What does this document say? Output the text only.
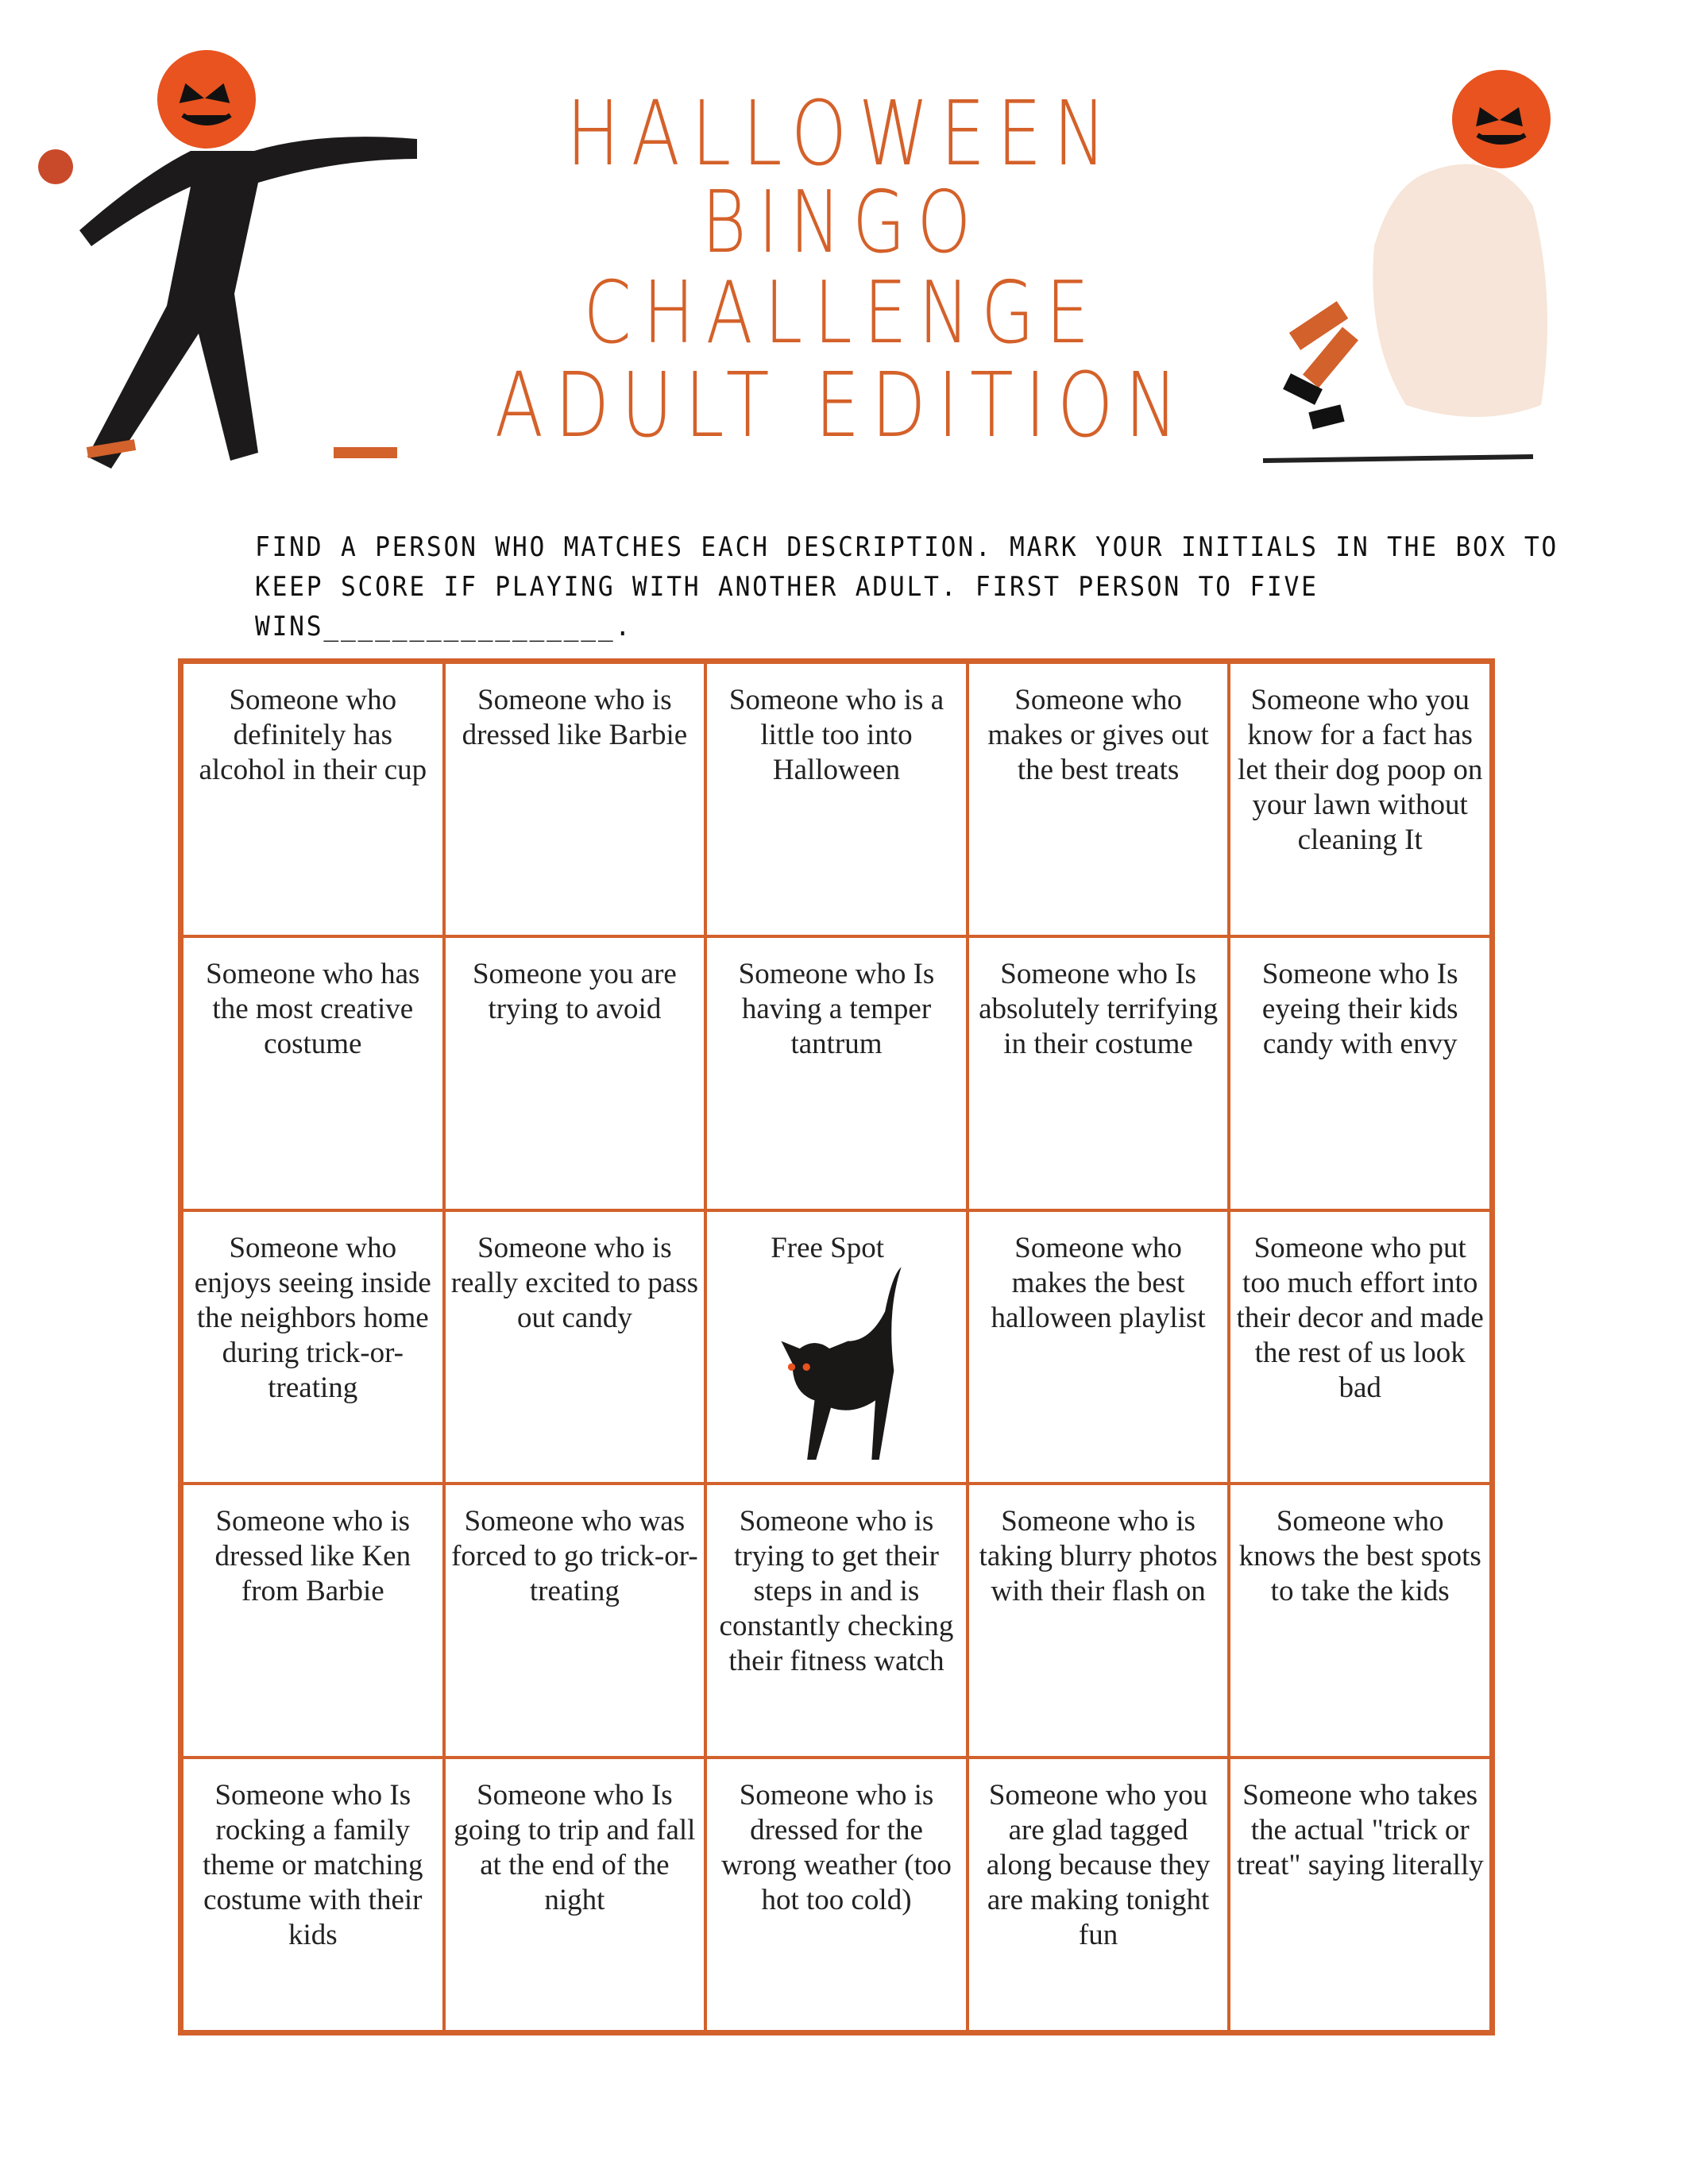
HALLOWEEN
BINGO
CHALLENGE
ADULT EDITION
FIND A PERSON WHO MATCHES EACH DESCRIPTION. MARK YOUR INITIALS IN THE BOX TO KEEP SCORE IF PLAYING WITH ANOTHER ADULT. FIRST PERSON TO FIVE WINS_________________.
Someone who definitely has alcohol in their cup
Someone who is dressed like Barbie
Someone who is a little too into Halloween
Someone who makes or gives out the best treats
Someone who you know for a fact has let their dog poop on your lawn without cleaning It
Someone who has the most creative costume
Someone you are trying to avoid
Someone who Is having a temper tantrum
Someone who Is absolutely terrifying in their costume
Someone who Is eyeing their kids candy with envy
Someone who enjoys seeing inside the neighbors home during trick-or-treating
Someone who is really excited to pass out candy
Free Spot	Someone who makes the best halloween playlist
Someone who put too much effort into their decor and made the rest of us look bad
Someone who is dressed like Ken from Barbie
Someone who was forced to go trick-or-treating
Someone who is trying to get their steps in and is constantly checking their fitness watch
Someone who is taking blurry photos with their flash on
Someone who knows the best spots to take the kids
Someone who Is rocking a family theme or matching costume with their kids
Someone who Is going to trip and fall at the end of the night
Someone who is dressed for the wrong weather (too hot too cold)
Someone who you are glad tagged along because they are making tonight fun
Someone who takes the actual "trick or treat" saying literally
